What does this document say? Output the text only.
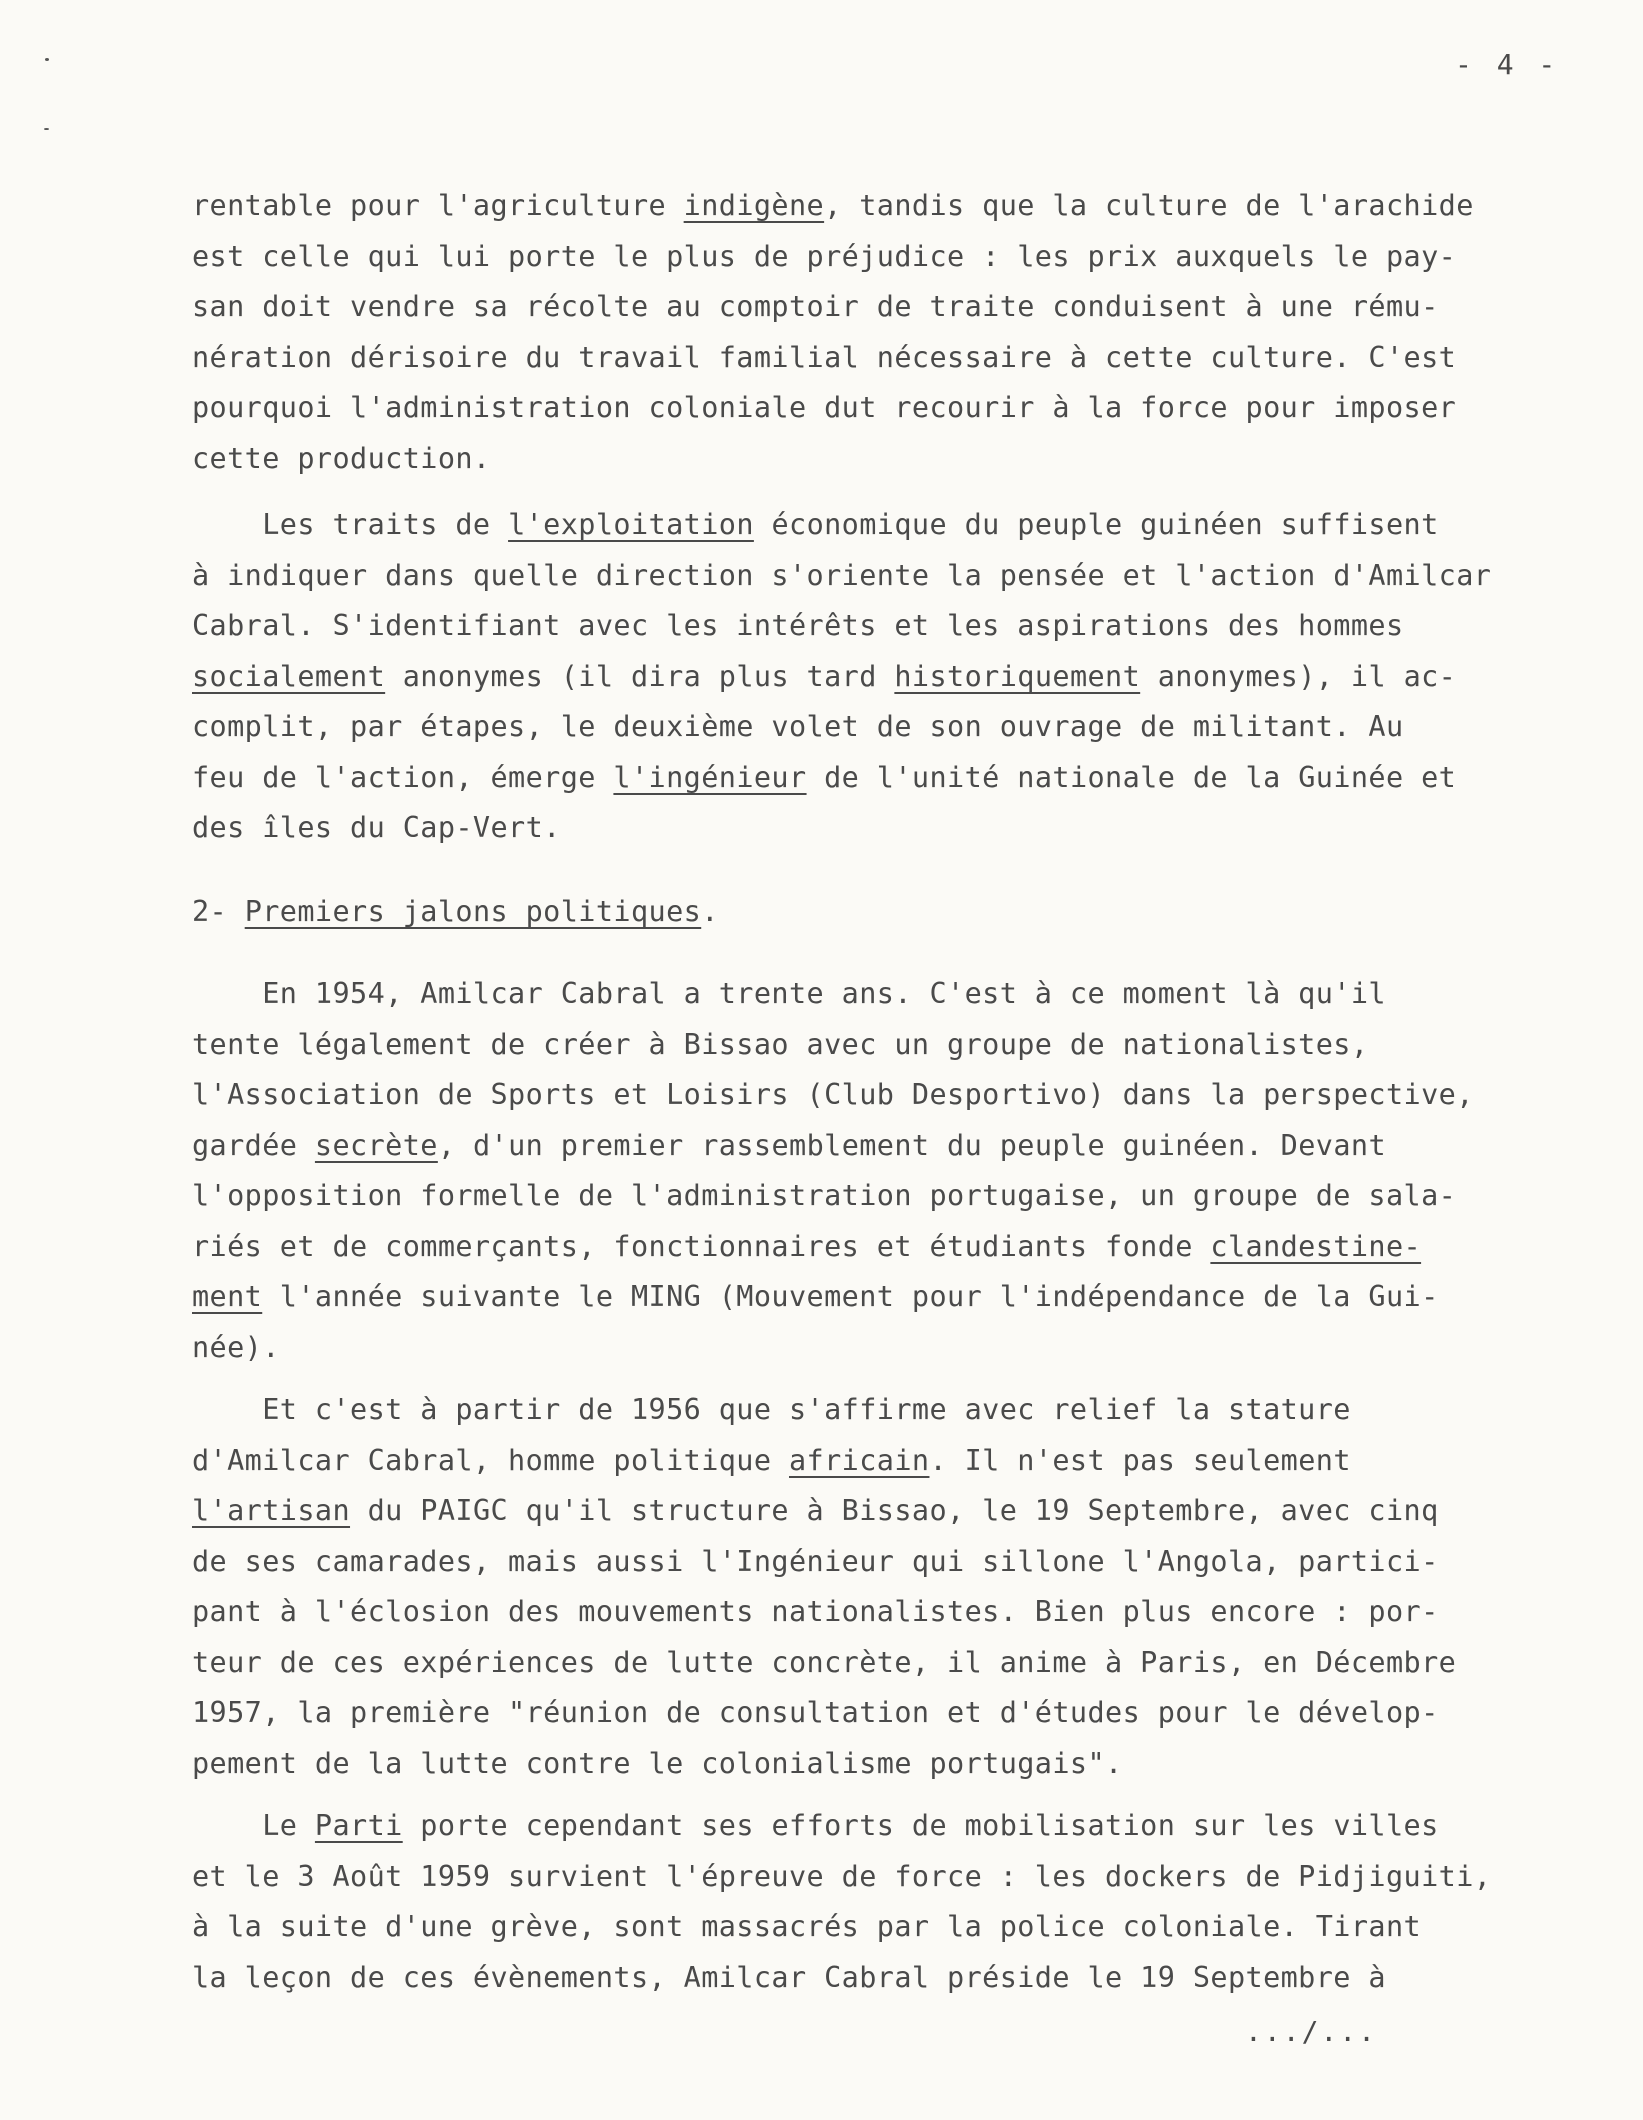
- 4 -
rentable pour l'agriculture indigène, tandis que la culture de l'arachide
est celle qui lui porte le plus de préjudice : les prix auxquels le pay-
san doit vendre sa récolte au comptoir de traite conduisent à une rému-
nération dérisoire du travail familial nécessaire à cette culture. C'est
pourquoi l'administration coloniale dut recourir à la force pour imposer
cette production.
Les traits de l'exploitation économique du peuple guinéen suffisent
à indiquer dans quelle direction s'oriente la pensée et l'action d'Amilcar
Cabral. S'identifiant avec les intérêts et les aspirations des hommes
socialement anonymes (il dira plus tard historiquement anonymes), il ac-
complit, par étapes, le deuxième volet de son ouvrage de militant. Au
feu de l'action, émerge l'ingénieur de l'unité nationale de la Guinée et
des îles du Cap-Vert.
2- Premiers jalons politiques.
En 1954, Amilcar Cabral a trente ans. C'est à ce moment là qu'il
tente légalement de créer à Bissao avec un groupe de nationalistes,
l'Association de Sports et Loisirs (Club Desportivo) dans la perspective,
gardée secrète, d'un premier rassemblement du peuple guinéen. Devant
l'opposition formelle de l'administration portugaise, un groupe de sala-
riés et de commerçants, fonctionnaires et étudiants fonde clandestine-
ment l'année suivante le MING (Mouvement pour l'indépendance de la Gui-
née).
Et c'est à partir de 1956 que s'affirme avec relief la stature
d'Amilcar Cabral, homme politique africain. Il n'est pas seulement
l'artisan du PAIGC qu'il structure à Bissao, le 19 Septembre, avec cinq
de ses camarades, mais aussi l'Ingénieur qui sillone l'Angola, partici-
pant à l'éclosion des mouvements nationalistes. Bien plus encore : por-
teur de ces expériences de lutte concrète, il anime à Paris, en Décembre
1957, la première "réunion de consultation et d'études pour le dévelop-
pement de la lutte contre le colonialisme portugais".
Le Parti porte cependant ses efforts de mobilisation sur les villes
et le 3 Août 1959 survient l'épreuve de force : les dockers de Pidjiguiti,
à la suite d'une grève, sont massacrés par la police coloniale. Tirant
la leçon de ces évènements, Amilcar Cabral préside le 19 Septembre à
.../...
